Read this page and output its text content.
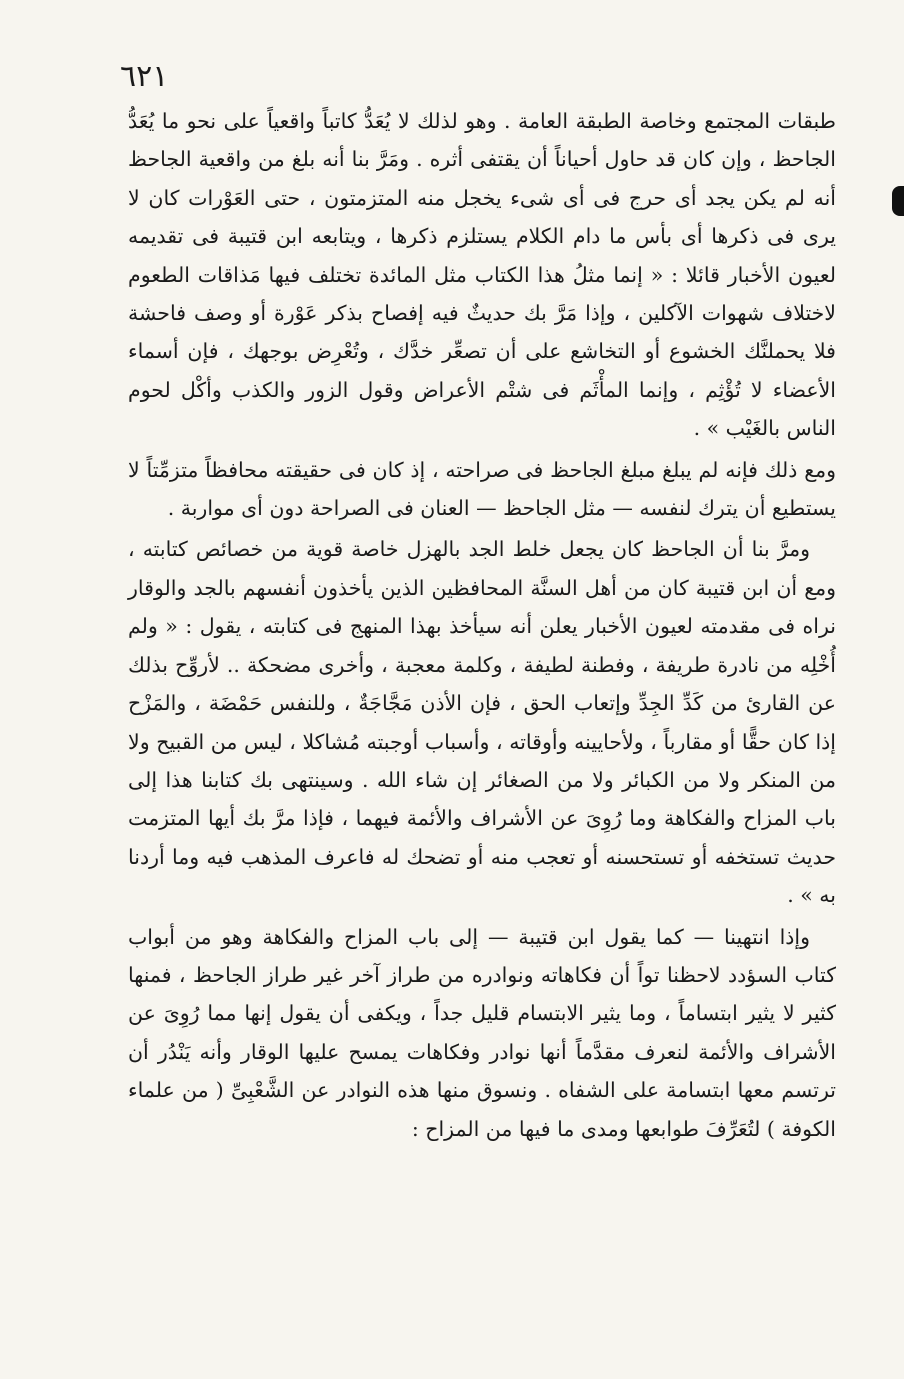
٦٢١

طبقات المجتمع وخاصة الطبقة العامة . وهو لذلك لا يُعَدُّ كاتباً واقعياً على نحو ما يُعَدُّ الجاحظ ، وإن كان قد حاول أحياناً أن يقتفى أثره . ومَرَّ بنا أنه بلغ من واقعية الجاحظ أنه لم يكن يجد أى حرج فى أى شىء يخجل منه المتزمتون ، حتى العَوْرات كان لا يرى فى ذكرها أى بأس ما دام الكلام يستلزم ذكرها ، ويتابعه ابن قتيبة فى تقديمه لعيون الأخبار قائلا : « إنما مثلُ هذا الكتاب مثل المائدة تختلف فيها مَذاقات الطعوم لاختلاف شهوات الآكلين ، وإذا مَرَّ بك حديثٌ فيه إفصاح بذكر عَوْرة أو وصف فاحشة فلا يحملنَّك الخشوع أو التخاشع على أن تصعِّر خدَّك ، وتُعْرِض بوجهك ، فإن أسماء الأعضاء لا تُؤْثِم ، وإنما المأْثَم فى شتْم الأعراض وقول الزور والكذب وأكْل لحوم الناس بالغَيْب » .

ومع ذلك فإنه لم يبلغ مبلغ الجاحظ فى صراحته ، إذ كان فى حقيقته محافظاً متزمِّتاً لا يستطيع أن يترك لنفسه — مثل الجاحظ — العنان فى الصراحة دون أى مواربة .

ومرَّ بنا أن الجاحظ كان يجعل خلط الجد بالهزل خاصة قوية من خصائص كتابته ، ومع أن ابن قتيبة كان من أهل السنَّة المحافظين الذين يأخذون أنفسهم بالجد والوقار نراه فى مقدمته لعيون الأخبار يعلن أنه سيأخذ بهذا المنهج فى كتابته ، يقول : « ولم أُخْلِه من نادرة طريفة ، وفطنة لطيفة ، وكلمة معجبة ، وأخرى مضحكة .. لأروِّح بذلك عن القارئ من كَدِّ الجِدِّ وإتعاب الحق ، فإن الأذن مَجَّاجَةٌ ، وللنفس حَمْضَة ، والمَزْح إذا كان حقًّا أو مقارباً ، ولأحايينه وأوقاته ، وأسباب أوجبته مُشاكلا ، ليس من القبيح ولا من المنكر ولا من الكبائر ولا من الصغائر إن شاء الله . وسينتهى بك كتابنا هذا إلى باب المزاح والفكاهة وما رُوِىَ عن الأشراف والأئمة فيهما ، فإذا مرَّ بك أيها المتزمت حديث تستخفه أو تستحسنه أو تعجب منه أو تضحك له فاعرف المذهب فيه وما أردنا به » .

وإذا انتهينا — كما يقول ابن قتيبة — إلى باب المزاح والفكاهة وهو من أبواب كتاب السؤدد لاحظنا تواً أن فكاهاته ونوادره من طراز آخر غير طراز الجاحظ ، فمنها كثير لا يثير ابتساماً ، وما يثير الابتسام قليل جداً ، ويكفى أن يقول إنها مما رُوِىَ عن الأشراف والأئمة لنعرف مقدَّماً أنها نوادر وفكاهات يمسح عليها الوقار وأنه يَنْدُر أن ترتسم معها ابتسامة على الشفاه . ونسوق منها هذه النوادر عن الشَّعْبِىِّ ( من علماء الكوفة ) لتُعَرِّفَ طوابعها ومدى ما فيها من المزاح :
